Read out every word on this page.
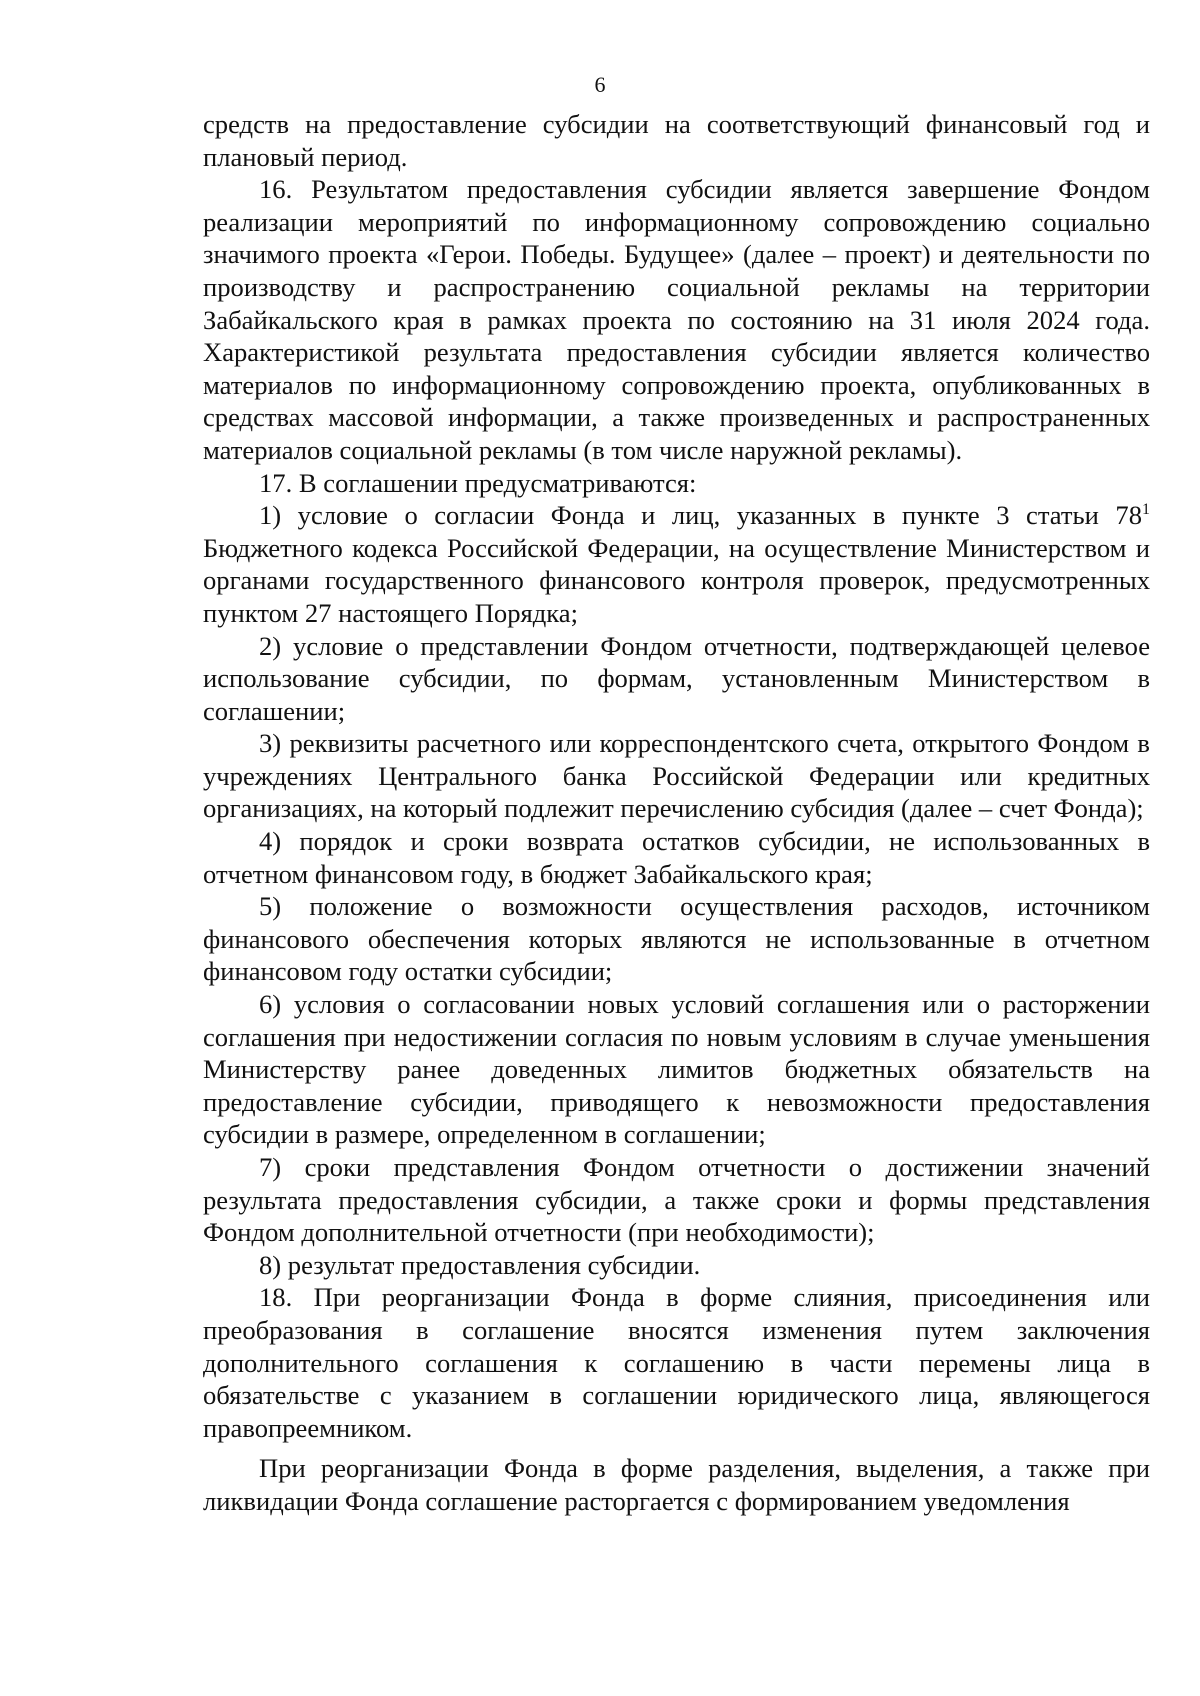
6

средств на предоставление субсидии на соответствующий финансовый год и плановый период.

16. Результатом предоставления субсидии является завершение Фондом реализации мероприятий по информационному сопровождению социально значимого проекта «Герои. Победы. Будущее» (далее – проект) и деятельности по производству и распространению социальной рекламы на территории Забайкальского края в рамках проекта по состоянию на 31 июля 2024 года. Характеристикой результата предоставления субсидии является количество материалов по информационному сопровождению проекта, опубликованных в средствах массовой информации, а также произведенных и распространенных материалов социальной рекламы (в том числе наружной рекламы).

17. В соглашении предусматриваются:

1) условие о согласии Фонда и лиц, указанных в пункте 3 статьи $78^1$ Бюджетного кодекса Российской Федерации, на осуществление Министерством и органами государственного финансового контроля проверок, предусмотренных пунктом 27 настоящего Порядка;

2) условие о представлении Фондом отчетности, подтверждающей целевое использование субсидии, по формам, установленным Министерством в соглашении;

3) реквизиты расчетного или корреспондентского счета, открытого Фондом в учреждениях Центрального банка Российской Федерации или кредитных организациях, на который подлежит перечислению субсидия (далее – счет Фонда);

4) порядок и сроки возврата остатков субсидии, не использованных в отчетном финансовом году, в бюджет Забайкальского края;

5) положение о возможности осуществления расходов, источником финансового обеспечения которых являются не использованные в отчетном финансовом году остатки субсидии;

6) условия о согласовании новых условий соглашения или о расторжении соглашения при недостижении согласия по новым условиям в случае уменьшения Министерству ранее доведенных лимитов бюджетных обязательств на предоставление субсидии, приводящего к невозможности предоставления субсидии в размере, определенном в соглашении;

7) сроки представления Фондом отчетности о достижении значений результата предоставления субсидии, а также сроки и формы представления Фондом дополнительной отчетности (при необходимости);

8) результат предоставления субсидии.

18. При реорганизации Фонда в форме слияния, присоединения или преобразования в соглашение вносятся изменения путем заключения дополнительного соглашения к соглашению в части перемены лица в обязательстве с указанием в соглашении юридического лица, являющегося правопреемником.

При реорганизации Фонда в форме разделения, выделения, а также при ликвидации Фонда соглашение расторгается с формированием уведомления
